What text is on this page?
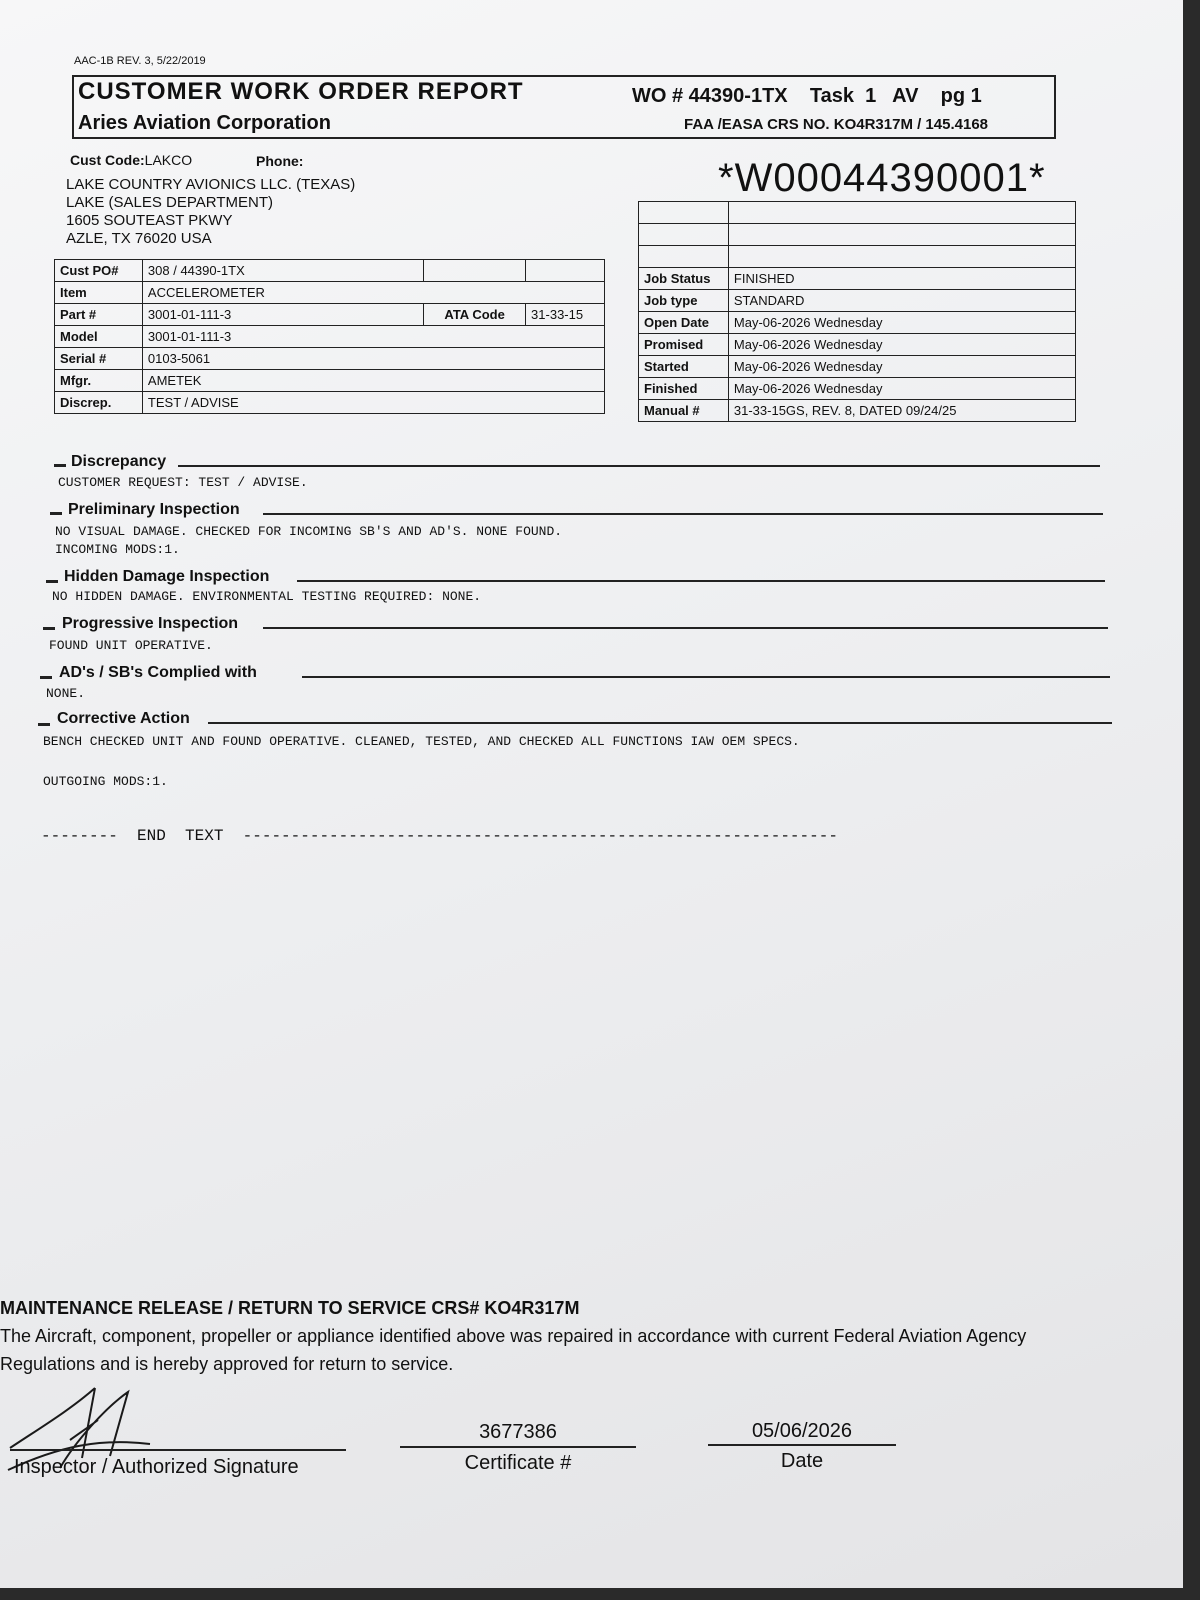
AAC-1B REV. 3, 5/22/2019
CUSTOMER WORK ORDER REPORT
Aries Aviation Corporation
WO # 44390-1TX    Task  1   AV    pg 1
FAA /EASA CRS NO. KO4R317M / 145.4168
Cust Code:LAKCO	Phone:
LAKE COUNTRY AVIONICS LLC. (TEXAS)
LAKE (SALES DEPARTMENT)
1605 SOUTEAST PKWY
AZLE, TX 76020 USA
*W00044390001*
Cust PO#	308 / 44390-1TX		
Item	ACCELEROMETER		
Part #	3001-01-111-3	ATA Code	31-33-15
Model	3001-01-111-3		
Serial #	0103-5061		
Mfgr.	AMETEK		
Discrep.	TEST / ADVISE		

Job Status	FINISHED
Job type	STANDARD
Open Date	May-06-2026 Wednesday
Promised	May-06-2026 Wednesday
Started	May-06-2026 Wednesday
Finished	May-06-2026 Wednesday
Manual #	31-33-15GS, REV. 8, DATED 09/24/25
Discrepancy
CUSTOMER REQUEST: TEST / ADVISE.
Preliminary Inspection
NO VISUAL DAMAGE. CHECKED FOR INCOMING SB'S AND AD'S. NONE FOUND.
INCOMING MODS:1.
Hidden Damage Inspection
NO HIDDEN DAMAGE. ENVIRONMENTAL TESTING REQUIRED: NONE.
Progressive Inspection
FOUND UNIT OPERATIVE.
AD's / SB's Complied with
NONE.
Corrective Action
BENCH CHECKED UNIT AND FOUND OPERATIVE. CLEANED, TESTED, AND CHECKED ALL FUNCTIONS IAW OEM SPECS.

OUTGOING MODS:1.
--------  END  TEXT  --------------------------------------------------------------
MAINTENANCE RELEASE / RETURN TO SERVICE CRS# KO4R317M
The Aircraft, component, propeller or appliance identified above was repaired in accordance with current Federal Aviation Agency Regulations and is hereby approved for return to service.
Inspector / Authorized Signature
3677386
Certificate #
05/06/2026
Date
